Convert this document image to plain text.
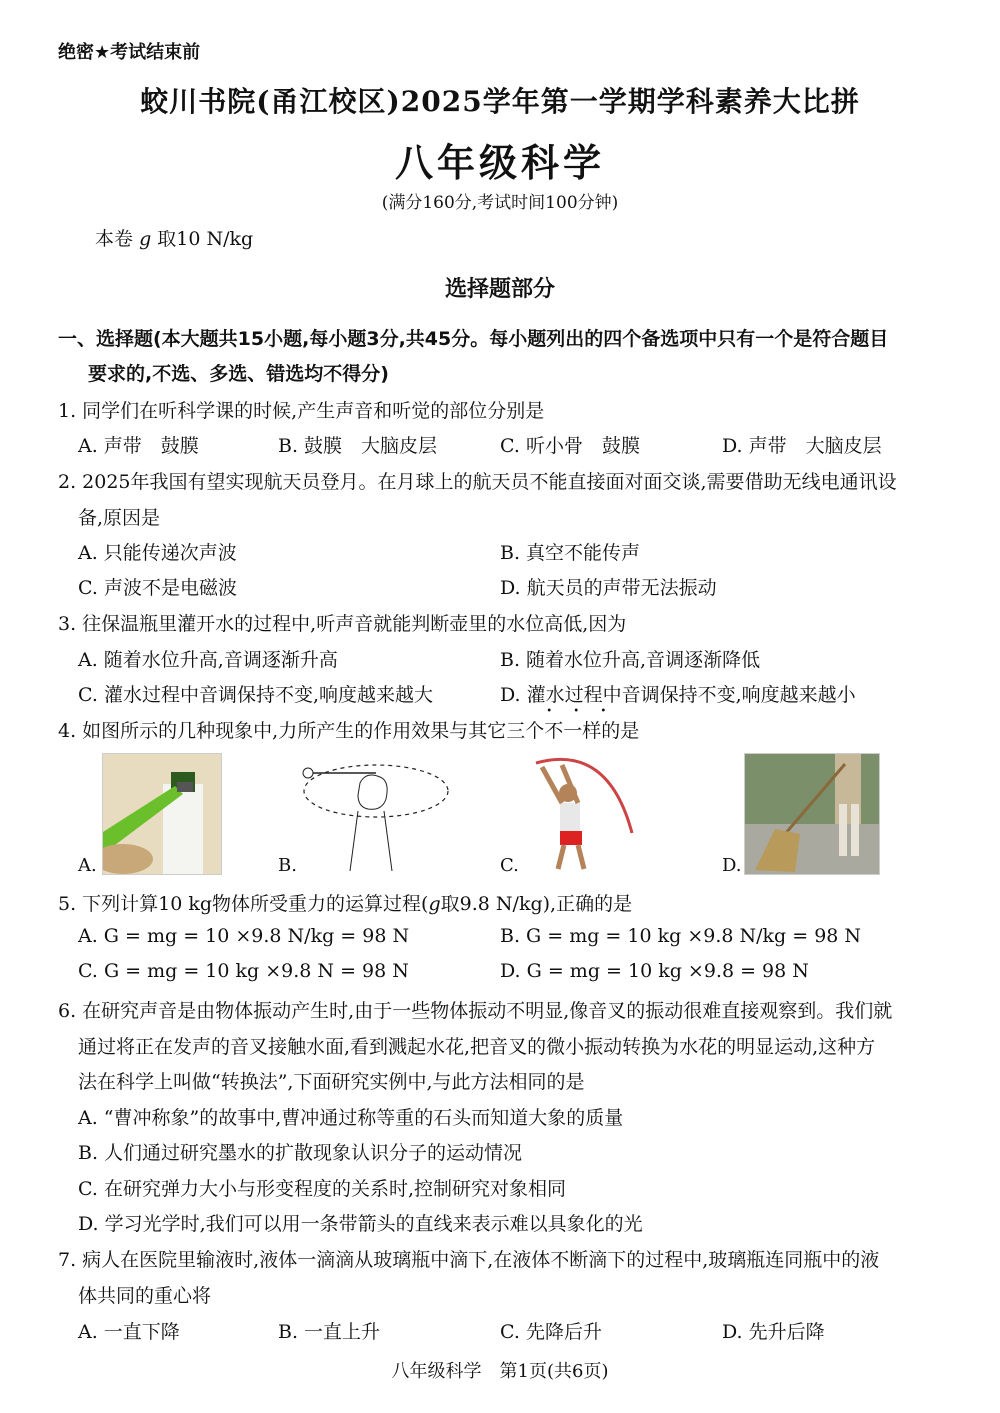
绝密★考试结束前
蛟川书院(甬江校区)2025学年第一学期学科素养大比拼
八年级科学
(满分160分,考试时间100分钟)
本卷 g 取10 N/kg
选择题部分
一、选择题(本大题共15小题,每小题3分,共45分。每小题列出的四个备选项中只有一个是符合题目
要求的,不选、多选、错选均不得分)
1. 同学们在听科学课的时候,产生声音和听觉的部位分别是
A. 声带　鼓膜	B. 鼓膜　大脑皮层	C. 听小骨　鼓膜	D. 声带　大脑皮层
2. 2025年我国有望实现航天员登月。在月球上的航天员不能直接面对面交谈,需要借助无线电通讯设
备,原因是
A. 只能传递次声波	B. 真空不能传声
C. 声波不是电磁波	D. 航天员的声带无法振动
3. 往保温瓶里灌开水的过程中,听声音就能判断壶里的水位高低,因为
A. 随着水位升高,音调逐渐升高	B. 随着水位升高,音调逐渐降低
C. 灌水过程中音调保持不变,响度越来越大	D. 灌水过程中音调保持不变,响度越来越小
4. 如图所示的几种现象中,力所产生的作用效果与其它三个不一样 • • •的是
A.	B.	C.	D.
5. 下列计算10 kg物体所受重力的运算过程(g取9.8 N/kg),正确的是
A. G = mg = 10 ×9.8 N/kg = 98 N	B. G = mg = 10 kg ×9.8 N/kg = 98 N
C. G = mg = 10 kg ×9.8 N = 98 N	D. G = mg = 10 kg ×9.8 = 98 N
6. 在研究声音是由物体振动产生时,由于一些物体振动不明显,像音叉的振动很难直接观察到。我们就
通过将正在发声的音叉接触水面,看到溅起水花,把音叉的微小振动转换为水花的明显运动,这种方
法在科学上叫做“转换法”,下面研究实例中,与此方法相同的是
A. “曹冲称象”的故事中,曹冲通过称等重的石头而知道大象的质量
B. 人们通过研究墨水的扩散现象认识分子的运动情况
C. 在研究弹力大小与形变程度的关系时,控制研究对象相同
D. 学习光学时,我们可以用一条带箭头的直线来表示难以具象化的光
7. 病人在医院里输液时,液体一滴滴从玻璃瓶中滴下,在液体不断滴下的过程中,玻璃瓶连同瓶中的液
体共同的重心将
A. 一直下降	B. 一直上升	C. 先降后升	D. 先升后降
八年级科学　第1页(共6页)
